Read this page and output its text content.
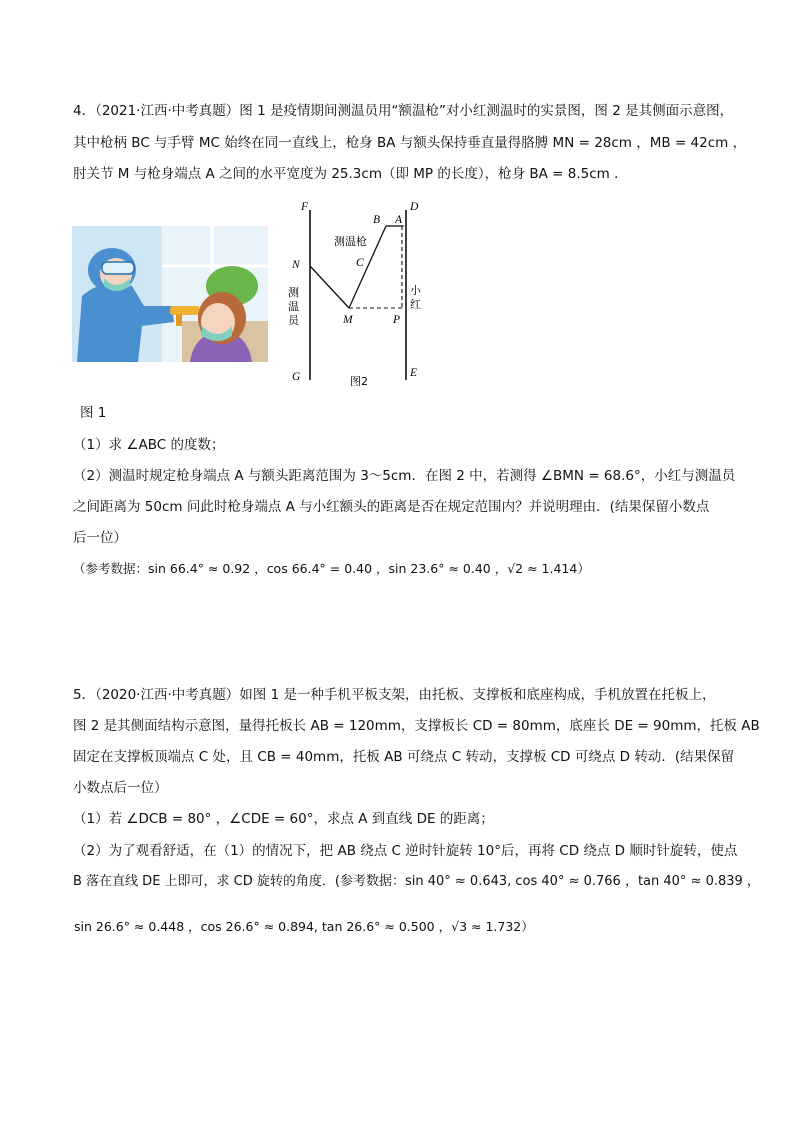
4．（2021·江西·中考真题）图 1 是疫情期间测温员用“额温枪”对小红测温时的实景图，图 2 是其侧面示意图，
其中枪柄 BC 与手臂 MC 始终在同一直线上，枪身 BA 与额头保持垂直量得胳膊 MN = 28cm ，MB = 42cm ，
肘关节 M 与枪身端点 A 之间的水平宽度为 25.3cm（即 MP 的长度），枪身 BA = 8.5cm ．
F	D
B A
测温枪
N	C
测
温
员
小
红
M	P
G	E
图2
图 1
（1）求 ∠ABC 的度数；
（2）测温时规定枪身端点 A 与额头距离范围为 3～5cm．在图 2 中，若测得 ∠BMN = 68.6°，小红与测温员
之间距离为 50cm 问此时枪身端点 A 与小红额头的距离是否在规定范围内？并说明理由．(结果保留小数点
后一位）
（参考数据：sin 66.4° ≈ 0.92 ，cos 66.4° = 0.40 ，sin 23.6° ≈ 0.40 ，√2 ≈ 1.414）
5．（2020·江西·中考真题）如图 1 是一种手机平板支架，由托板、支撑板和底座构成，手机放置在托板上，
图 2 是其侧面结构示意图，量得托板长 AB = 120mm，支撑板长 CD = 80mm，底座长 DE = 90mm，托板 AB
固定在支撑板顶端点 C 处，且 CB = 40mm，托板 AB 可绕点 C 转动，支撑板 CD 可绕点 D 转动．(结果保留
小数点后一位）
（1）若 ∠DCB = 80° ，∠CDE = 60°，求点 A 到直线 DE 的距离；
（2）为了观看舒适，在（1）的情况下，把 AB 绕点 C 逆时针旋转 10°后，再将 CD 绕点 D 顺时针旋转，使点
B 落在直线 DE 上即可，求 CD 旋转的角度．(参考数据：sin 40° ≈ 0.643, cos 40° ≈ 0.766 ，tan 40° ≈ 0.839 ，
sin 26.6° ≈ 0.448 ，cos 26.6° ≈ 0.894, tan 26.6° ≈ 0.500 ，√3 ≈ 1.732）
